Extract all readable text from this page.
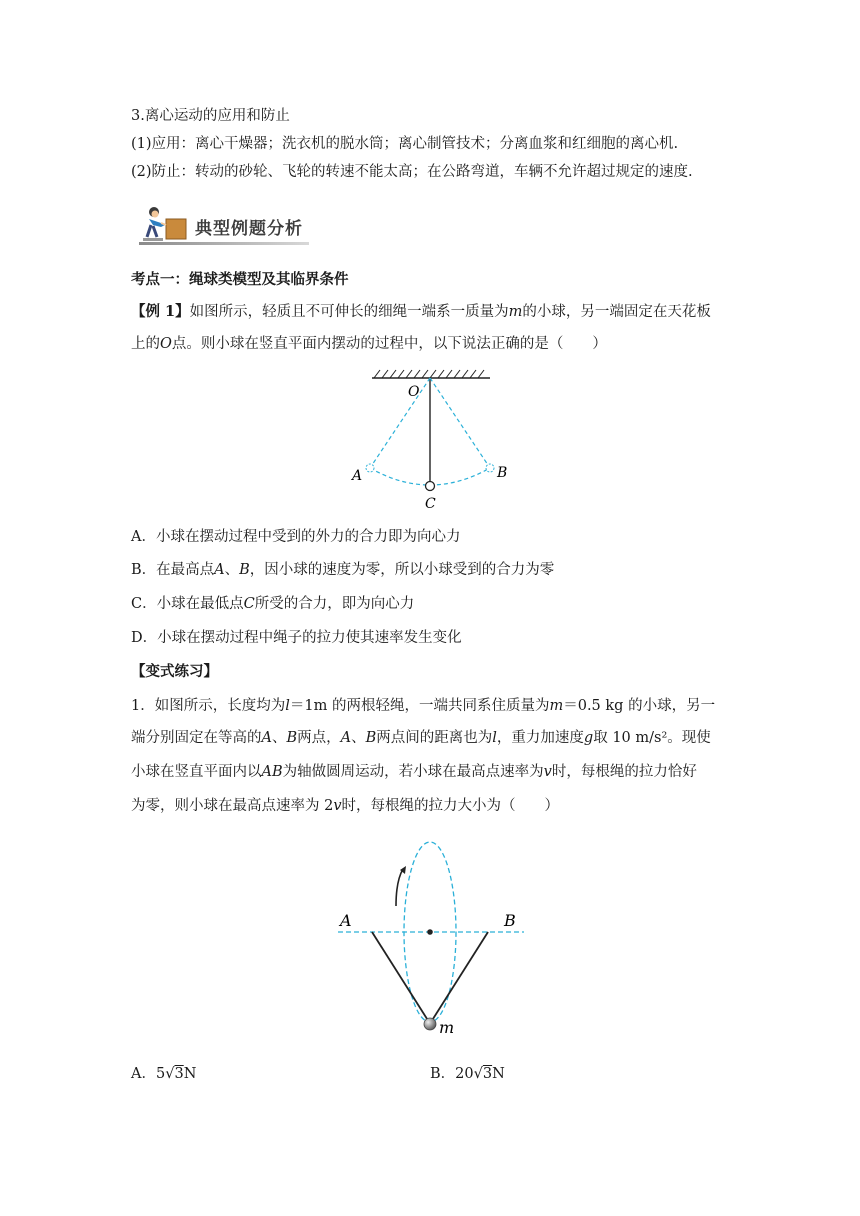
3.离心运动的应用和防止
(1)应用：离心干燥器；洗衣机的脱水筒；离心制管技术；分离血浆和红细胞的离心机.
(2)防止：转动的砂轮、飞轮的转速不能太高；在公路弯道，车辆不允许超过规定的速度.
典型例题分析
考点一：绳球类模型及其临界条件
【例 1】如图所示，轻质且不可伸长的细绳一端系一质量为m的小球，另一端固定在天花板
上的O点。则小球在竖直平面内摆动的过程中，以下说法正确的是（　　）
O
A	B
C
A．小球在摆动过程中受到的外力的合力即为向心力
B．在最高点A、B，因小球的速度为零，所以小球受到的合力为零
C．小球在最低点C所受的合力，即为向心力
D．小球在摆动过程中绳子的拉力使其速率发生变化
【变式练习】
1．如图所示，长度均为l＝1m 的两根轻绳，一端共同系住质量为m＝0.5 kg 的小球，另一
端分别固定在等高的A、B两点，A、B两点间的距离也为l，重力加速度g取 10 m/s²。现使
小球在竖直平面内以AB为轴做圆周运动，若小球在最高点速率为v时，每根绳的拉力恰好
为零，则小球在最高点速率为 2v时，每根绳的拉力大小为（　　）
A	B
m
A．5√3N	B．20√3N
